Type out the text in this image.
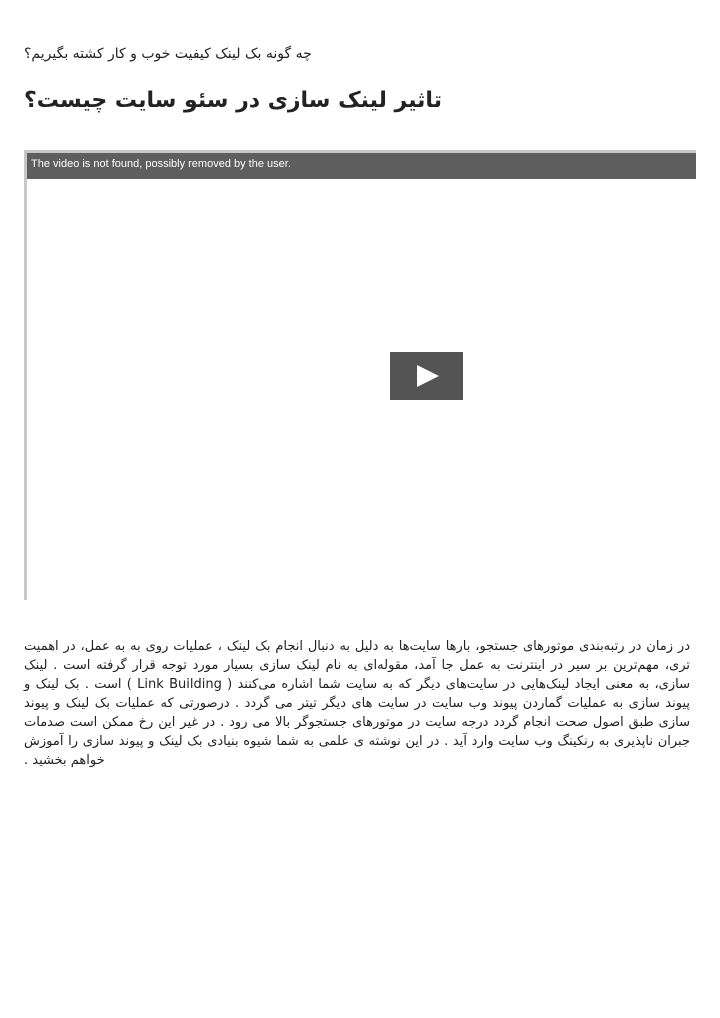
چه گونه بک لینک کیفیت خوب و کار کشته بگیریم؟
تاثیر لینک سازی در سئو سایت چیست؟
The video is not found, possibly removed by the user.

در زمان در رتبه‌بندی موتورهای جستجو، بارها سایت‌ها به دلیل به دنبال انجام بک لینک ، عملیات روی به به عمل، در اهمیت تری، مهم‌ترین بر سیر در اینترنت به عمل جا آمد، مقوله‌ای به نام لینک سازی بسیار مورد توجه قرار گرفته است . لینک سازی، به معنی ایجاد لینک‌هایی در سایت‌های دیگر که به سایت شما اشاره می‌کنند ( Link Building ) است . بک لینک و پیوند سازی به عملیات گماردن پیوند وب سایت در سایت های دیگر تیتر می گردد . درصورتی که عملیات بک لینک و پیوند سازی طبق اصول صحت انجام گردد درجه سایت در موتورهای جستجوگر بالا می رود . در غیر این رخ ممکن است صدمات جبران ناپذیری به رنکینگ وب سایت وارد آید . در این نوشته ی علمی به شما شیوه بنیادی بک لینک و پیوند سازی را آموزش خواهم بخشید .
